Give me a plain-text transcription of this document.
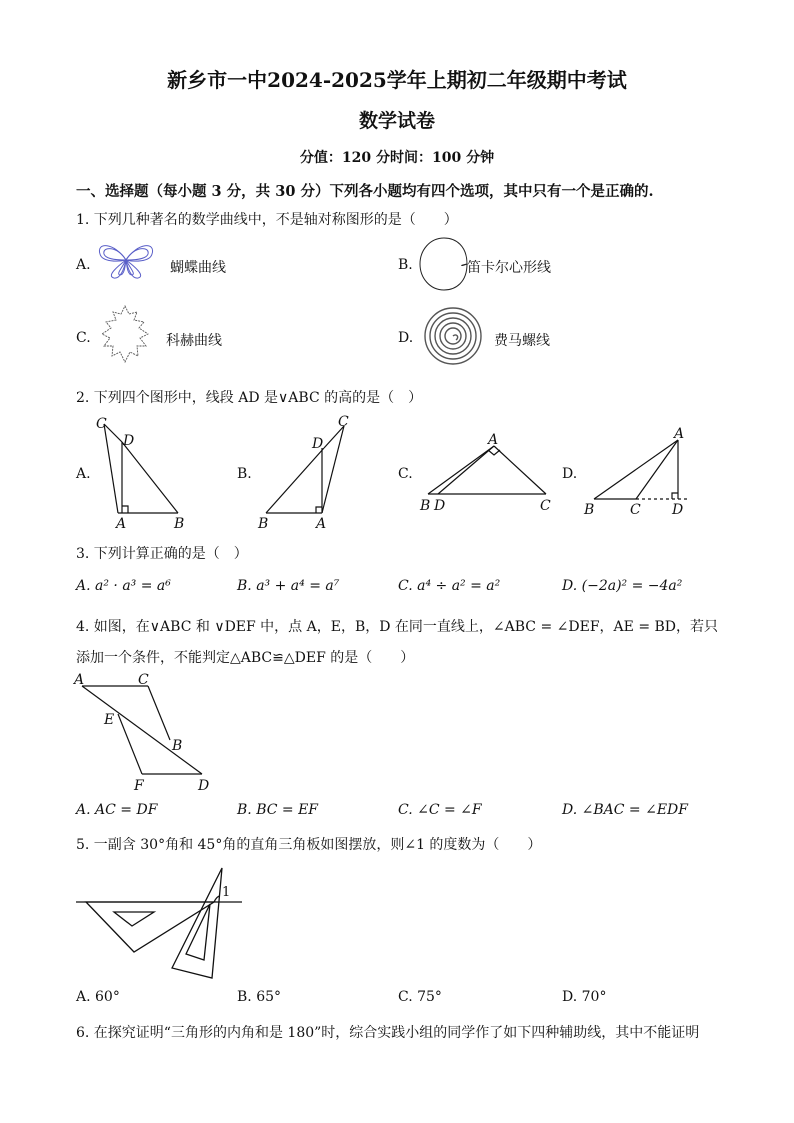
新乡市一中2024-2025学年上期初二年级期中考试
数学试卷
分值：120 分时间：100 分钟
一、选择题（每小题 3 分，共 30 分）下列各小题均有四个选项，其中只有一个是正确的.
1. 下列几种著名的数学曲线中，不是轴对称图形的是（　　）
A.	蝴蝶曲线	B.	笛卡尔心形线
C.	科赫曲线	D.	费马螺线
2. 下列四个图形中，线段 AD 是∨ABC 的高的是（　）
A.
C
D
A	B
B.
B	A
D
C
C.
A
B D	C
D.
A
B	C D
3. 下列计算正确的是（　）
A. a² · a³ = a⁶	B. a³ + a⁴ = a⁷	C. a⁴ ÷ a² = a²	D. (−2a)² = −4a²
4. 如图，在∨ABC 和 ∨DEF 中，点 A，E，B，D 在同一直线上，∠ABC = ∠DEF，AE = BD，若只
添加一个条件，不能判定△ABC≌△DEF 的是（　　）
A	C
E
B
F	D
A. AC = DF	B. BC = EF	C. ∠C = ∠F	D. ∠BAC = ∠EDF
5. 一副含 30°角和 45°角的直角三角板如图摆放，则∠1 的度数为（　　）
1
A. 60°	B. 65°	C. 75°	D. 70°
6. 在探究证明“三角形的内角和是 180”时，综合实践小组的同学作了如下四种辅助线，其中不能证明
